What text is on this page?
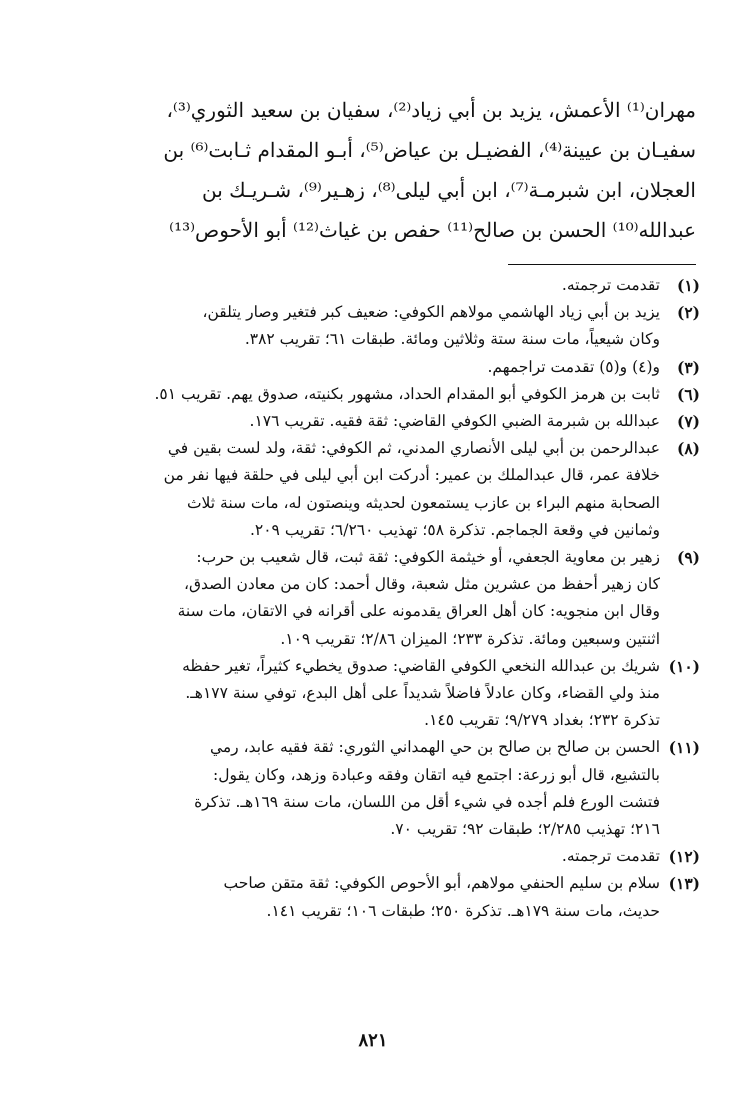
مهران⁽¹⁾ الأعمش، يزيد بن أبي زياد⁽²⁾، سفيان بن سعيد الثوري⁽³⁾،
سفيـان بن عيينة⁽⁴⁾، الفضيـل بن عياض⁽⁵⁾، أبـو المقدام ثـابت⁽⁶⁾ بن
العجلان، ابن شبرمـة⁽⁷⁾، ابن أبي ليلى⁽⁸⁾، زهـير⁽⁹⁾، شـريـك بن
عبدالله⁽¹⁰⁾ الحسن بن صالح⁽¹¹⁾ حفص بن غياث⁽¹²⁾ أبو الأحوص⁽¹³⁾
(١)
تقدمت ترجمته.
(٢)
يزيد بن أبي زياد الهاشمي مولاهم الكوفي: ضعيف كبر فتغير وصار يتلقن،
وكان شيعياً، مات سنة ستة وثلاثين ومائة. طبقات ٦١؛ تقريب ٣٨٢.
(٣)
و(٤) و(٥) تقدمت تراجمهم.
(٦)
ثابت بن هرمز الكوفي أبو المقدام الحداد، مشهور بكنيته، صدوق يهم. تقريب ٥١.
(٧)
عبدالله بن شبرمة الضبي الكوفي القاضي: ثقة فقيه. تقريب ١٧٦.
(٨)
عبدالرحمن بن أبي ليلى الأنصاري المدني، ثم الكوفي: ثقة، ولد لست بقين في
خلافة عمر، قال عبدالملك بن عمير: أدركت ابن أبي ليلى في حلقة فيها نفر من
الصحابة منهم البراء بن عازب يستمعون لحديثه وينصتون له، مات سنة ثلاث
وثمانين في وقعة الجماجم. تذكرة ٥٨؛ تهذيب ٦/٢٦٠؛ تقريب ٢٠٩.
(٩)
زهير بن معاوية الجعفي، أو خيثمة الكوفي: ثقة ثبت، قال شعيب بن حرب:
كان زهير أحفظ من عشرين مثل شعبة، وقال أحمد: كان من معادن الصدق،
وقال ابن منجويه: كان أهل العراق يقدمونه على أقرانه في الاتقان، مات سنة
اثنتين وسبعين ومائة. تذكرة ٢٣٣؛ الميزان ٢/٨٦؛ تقريب ١٠٩.
(١٠)
شريك بن عبدالله النخعي الكوفي القاضي: صدوق يخطيء كثيراً، تغير حفظه
منذ ولي القضاء، وكان عادلاً فاضلاً شديداً على أهل البدع، توفي سنة ١٧٧هـ.
تذكرة ٢٣٢؛ بغداد ٩/٢٧٩؛ تقريب ١٤٥.
(١١)
الحسن بن صالح بن صالح بن حي الهمداني الثوري: ثقة فقيه عابد، رمي
بالتشيع، قال أبو زرعة: اجتمع فيه اتقان وفقه وعبادة وزهد، وكان يقول:
فتشت الورع فلم أجده في شيء أقل من اللسان، مات سنة ١٦٩هـ. تذكرة
٢١٦؛ تهذيب ٢/٢٨٥؛ طبقات ٩٢؛ تقريب ٧٠.
(١٢)
تقدمت ترجمته.
(١٣)
سلام بن سليم الحنفي مولاهم، أبو الأحوص الكوفي: ثقة متقن صاحب
حديث، مات سنة ١٧٩هـ. تذكرة ٢٥٠؛ طبقات ١٠٦؛ تقريب ١٤١.
٨٢١
